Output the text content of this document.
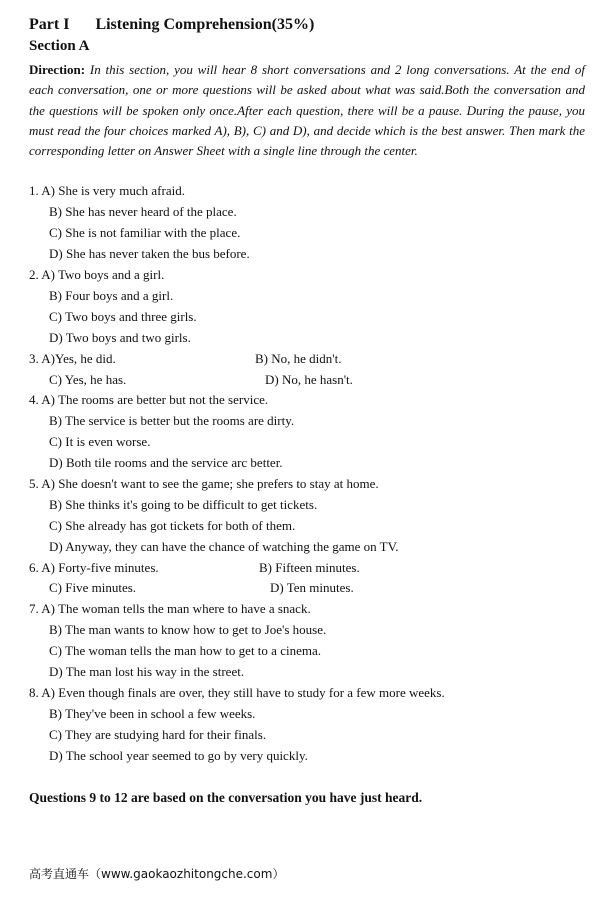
Part I Listening Comprehension(35%)

Section A

Direction: In this section, you will hear 8 short conversations and 2 long conversations. At the end of each conversation, one or more questions will be asked about what was said.Both the conversation and the questions will be spoken only once.After each question, there will be a pause. During the pause, you must read the four choices marked A), B), C) and D), and decide which is the best answer. Then mark the corresponding letter on Answer Sheet with a single line through the center.

1. A) She is very much afraid.
B) She has never heard of the place.
C) She is not familiar with the place.
D) She has never taken the bus before.
2. A) Two boys and a girl.
B) Four boys and a girl.
C) Two boys and three girls.
D) Two boys and two girls.
3. A)Yes, he did.	B) No, he didn't.
C) Yes, he has.	D) No, he hasn't.
4. A) The rooms are better but not the service.
B) The service is better but the rooms are dirty.
C) It is even worse.
D) Both tile rooms and the service arc better.
5. A) She doesn't want to see the game; she prefers to stay at home.
B) She thinks it's going to be difficult to get tickets.
C) She already has got tickets for both of them.
D) Anyway, they can have the chance of watching the game on TV.
6. A) Forty-five minutes.	B) Fifteen minutes.
C) Five minutes.	D) Ten minutes.
7. A) The woman tells the man where to have a snack.
B) The man wants to know how to get to Joe's house.
C) The woman tells the man how to get to a cinema.
D) The man lost his way in the street.
8. A) Even though finals are over, they still have to study for a few more weeks.
B) They've been in school a few weeks.
C) They are studying hard for their finals.
D) The school year seemed to go by very quickly.

Questions 9 to 12 are based on the conversation you have just heard.

高考直通车（www.gaokaozhitongche.com）
